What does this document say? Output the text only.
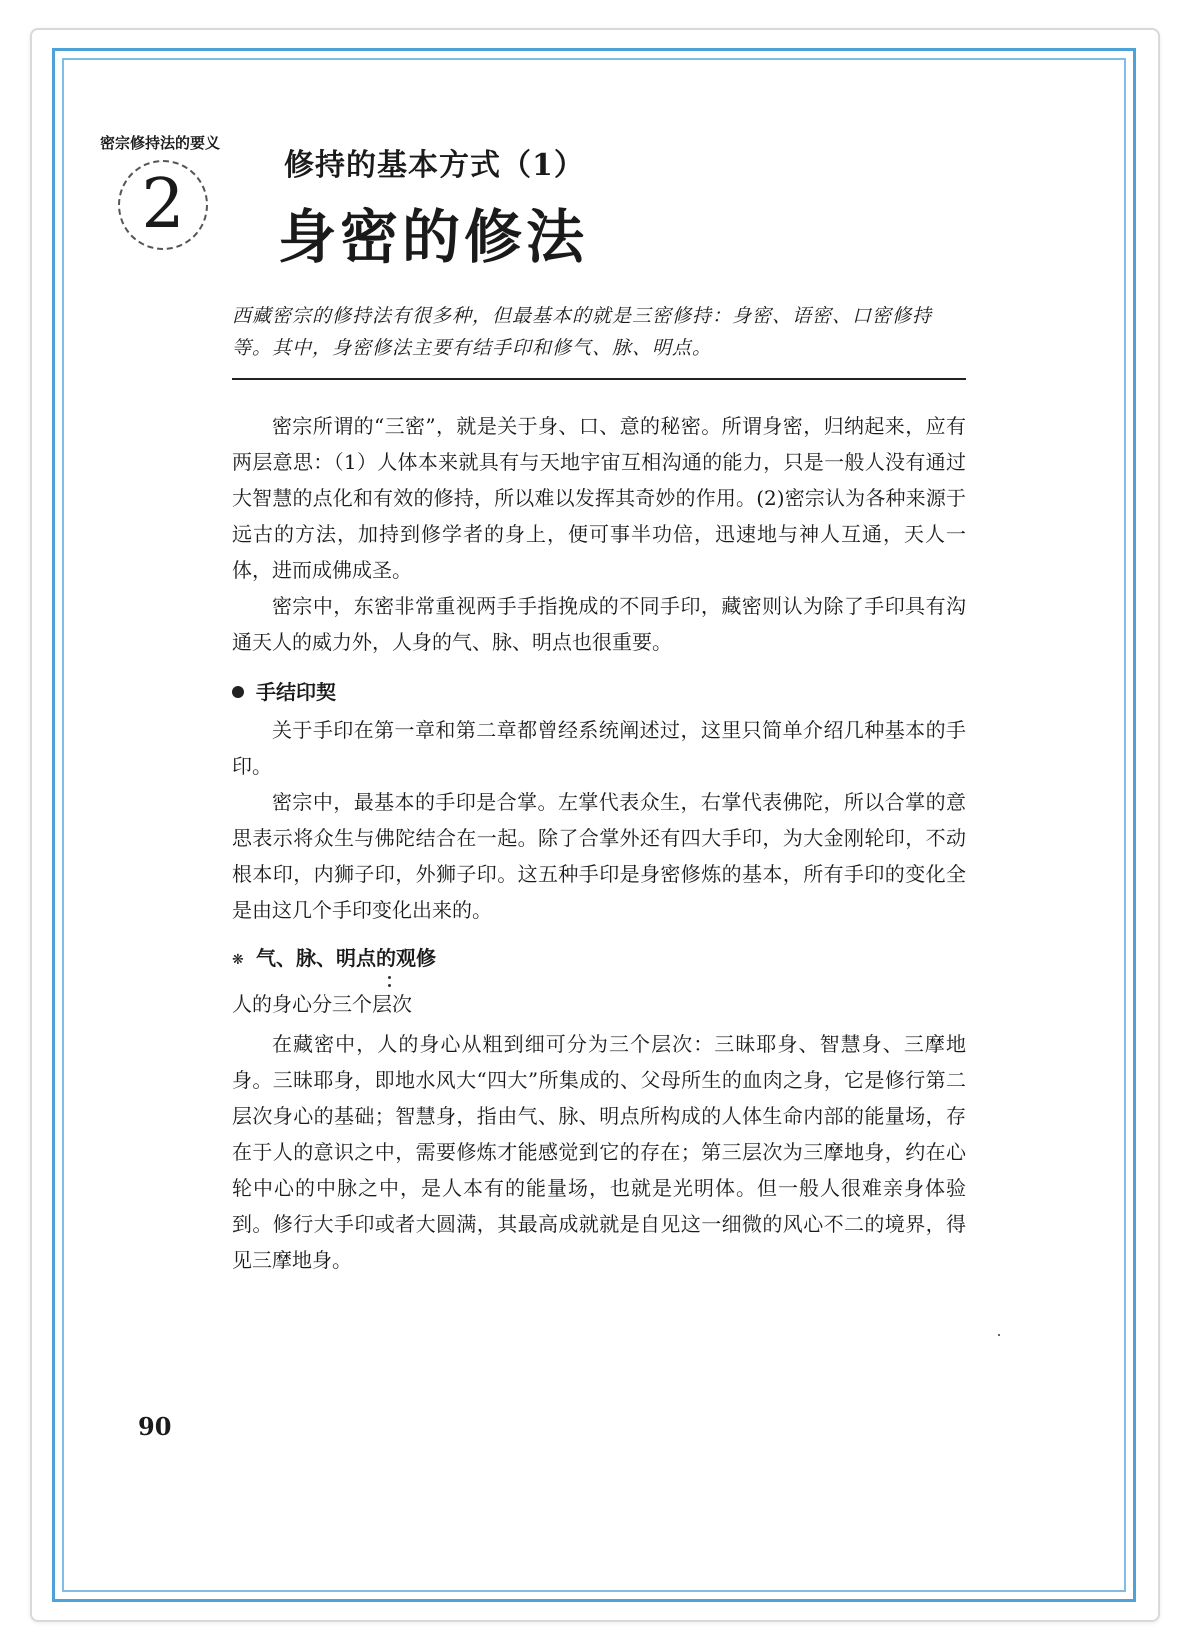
密宗修持法的要义
2	修持的基本方式（1）
身密的修法
西藏密宗的修持法有很多种，但最基本的就是三密修持：身密、语密、口密修持等。其中，身密修法主要有结手印和修气、脉、明点。

密宗所谓的“三密”，就是关于身、口、意的秘密。所谓身密，归纳起来，应有两层意思：（1）人体本来就具有与天地宇宙互相沟通的能力，只是一般人没有通过大智慧的点化和有效的修持，所以难以发挥其奇妙的作用。(2)密宗认为各种来源于远古的方法，加持到修学者的身上，便可事半功倍，迅速地与神人互通，天人一体，进而成佛成圣。

密宗中，东密非常重视两手手指挽成的不同手印，藏密则认为除了手印具有沟通天人的威力外，人身的气、脉、明点也很重要。

手结印契

关于手印在第一章和第二章都曾经系统阐述过，这里只简单介绍几种基本的手印。

密宗中，最基本的手印是合掌。左掌代表众生，右掌代表佛陀，所以合掌的意思表示将众生与佛陀结合在一起。除了合掌外还有四大手印，为大金刚轮印，不动根本印，内狮子印，外狮子印。这五种手印是身密修炼的基本，所有手印的变化全是由这几个手印变化出来的。

❋ 气、脉、明点的观修
人的身心分三个层次

在藏密中，人的身心从粗到细可分为三个层次：三昧耶身、智慧身、三摩地身。三昧耶身，即地水风大“四大”所集成的、父母所生的血肉之身，它是修行第二层次身心的基础；智慧身，指由气、脉、明点所构成的人体生命内部的能量场，存在于人的意识之中，需要修炼才能感觉到它的存在；第三层次为三摩地身，约在心轮中心的中脉之中，是人本有的能量场，也就是光明体。但一般人很难亲身体验到。修行大手印或者大圆满，其最高成就就是自见这一细微的风心不二的境界，得见三摩地身。

90
